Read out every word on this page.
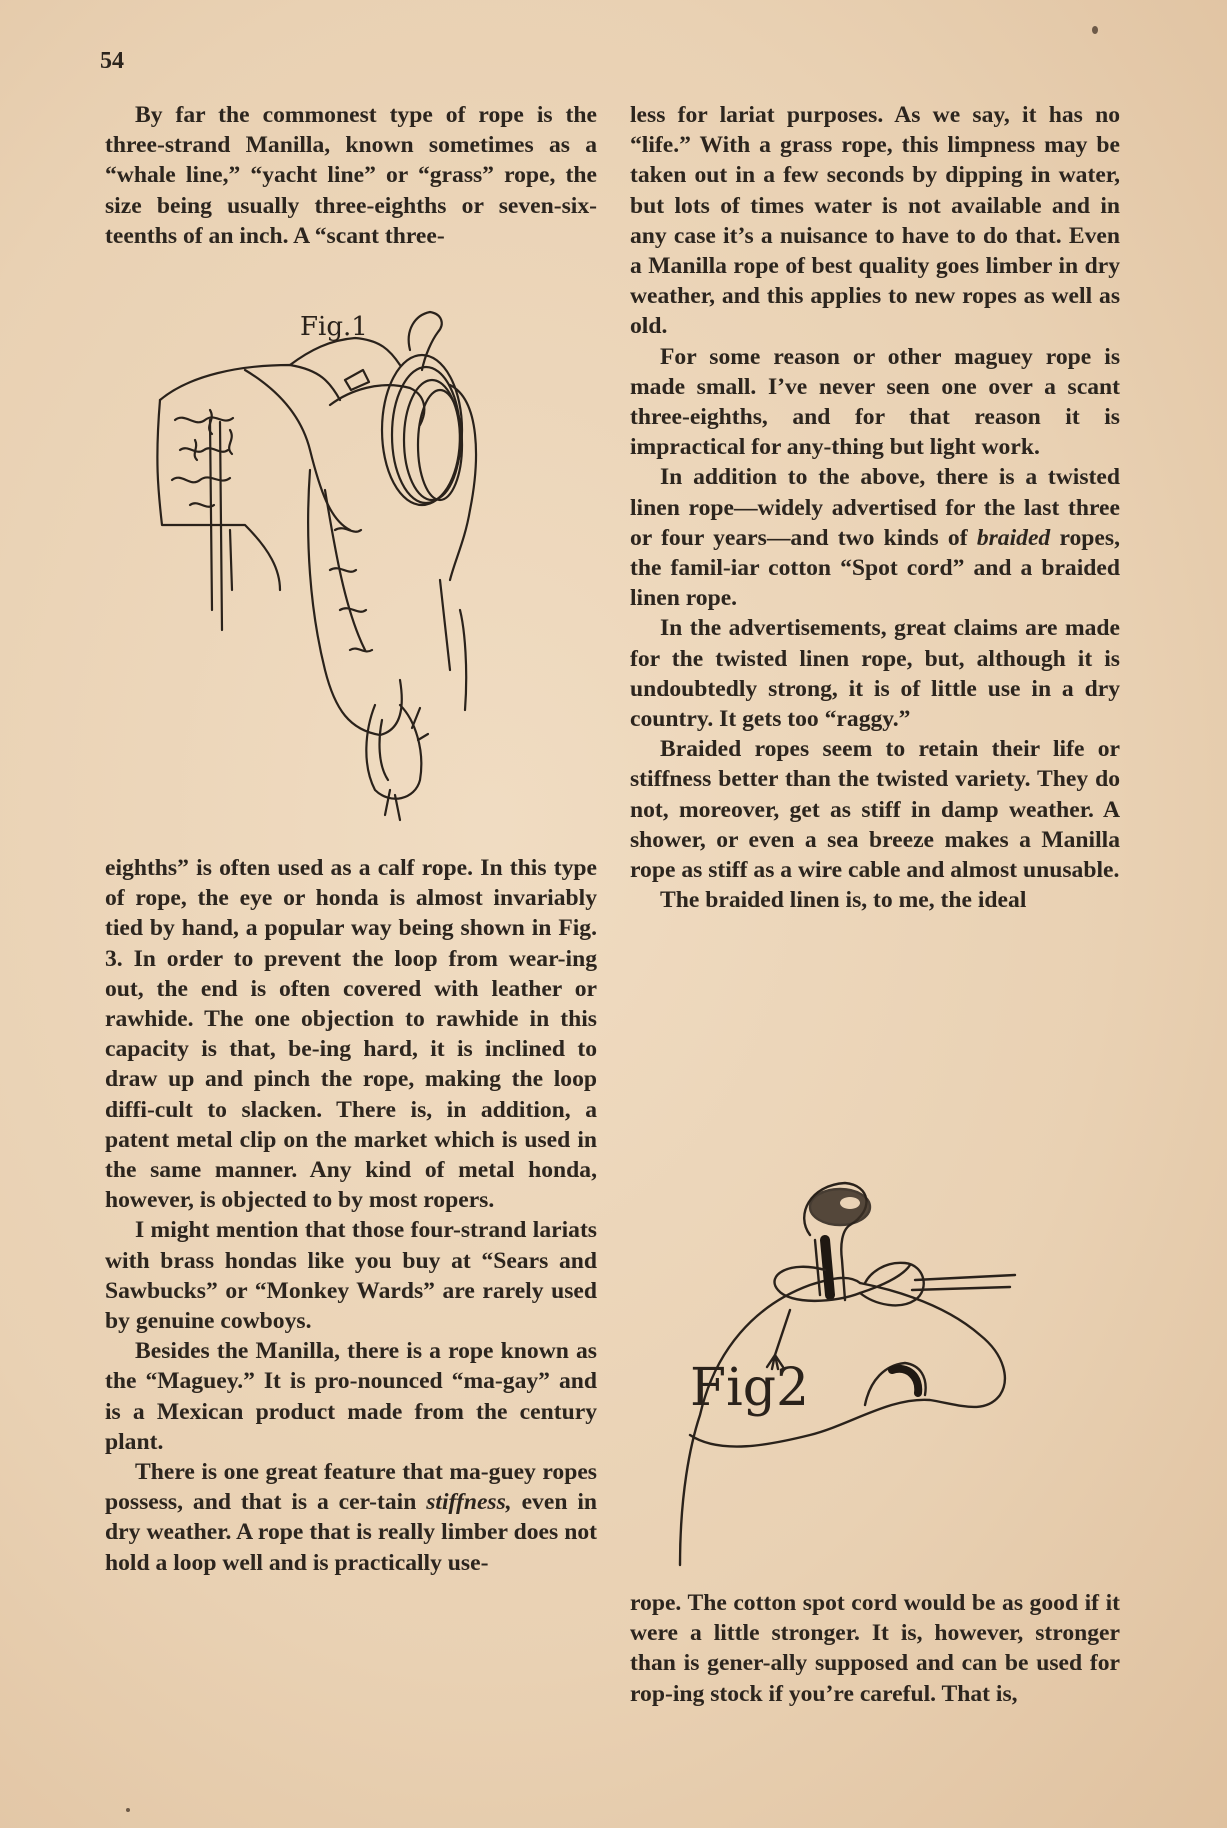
54

By far the commonest type of rope is the three-strand Manilla, known sometimes as a “whale line,” “yacht line” or “grass” rope, the size being usually three-eighths or seven-six-teenths of an inch. A “scant three-

Fig.1

eighths” is often used as a calf rope. In this type of rope, the eye or honda is almost invariably tied by hand, a popular way being shown in Fig. 3. In order to prevent the loop from wear-ing out, the end is often covered with leather or rawhide. The one objection to rawhide in this capacity is that, be-ing hard, it is inclined to draw up and pinch the rope, making the loop diffi-cult to slacken. There is, in addition, a patent metal clip on the market which is used in the same manner. Any kind of metal honda, however, is objected to by most ropers.

I might mention that those four-strand lariats with brass hondas like you buy at “Sears and Sawbucks” or “Monkey Wards” are rarely used by genuine cowboys.

Besides the Manilla, there is a rope known as the “Maguey.” It is pro-nounced “ma-gay” and is a Mexican product made from the century plant.

There is one great feature that ma-guey ropes possess, and that is a cer-tain stiffness, even in dry weather. A rope that is really limber does not hold a loop well and is practically use-

less for lariat purposes. As we say, it has no “life.” With a grass rope, this limpness may be taken out in a few seconds by dipping in water, but lots of times water is not available and in any case it’s a nuisance to have to do that. Even a Manilla rope of best quality goes limber in dry weather, and this applies to new ropes as well as old.

For some reason or other maguey rope is made small. I’ve never seen one over a scant three-eighths, and for that reason it is impractical for any-thing but light work.

In addition to the above, there is a twisted linen rope—widely advertised for the last three or four years—and two kinds of braided ropes, the famil-iar cotton “Spot cord” and a braided linen rope.

In the advertisements, great claims are made for the twisted linen rope, but, although it is undoubtedly strong, it is of little use in a dry country. It gets too “raggy.”

Braided ropes seem to retain their life or stiffness better than the twisted variety. They do not, moreover, get as stiff in damp weather. A shower, or even a sea breeze makes a Manilla rope as stiff as a wire cable and almost unusable.

The braided linen is, to me, the ideal

Fig2

rope. The cotton spot cord would be as good if it were a little stronger. It is, however, stronger than is gener-ally supposed and can be used for rop-ing stock if you’re careful. That is,
